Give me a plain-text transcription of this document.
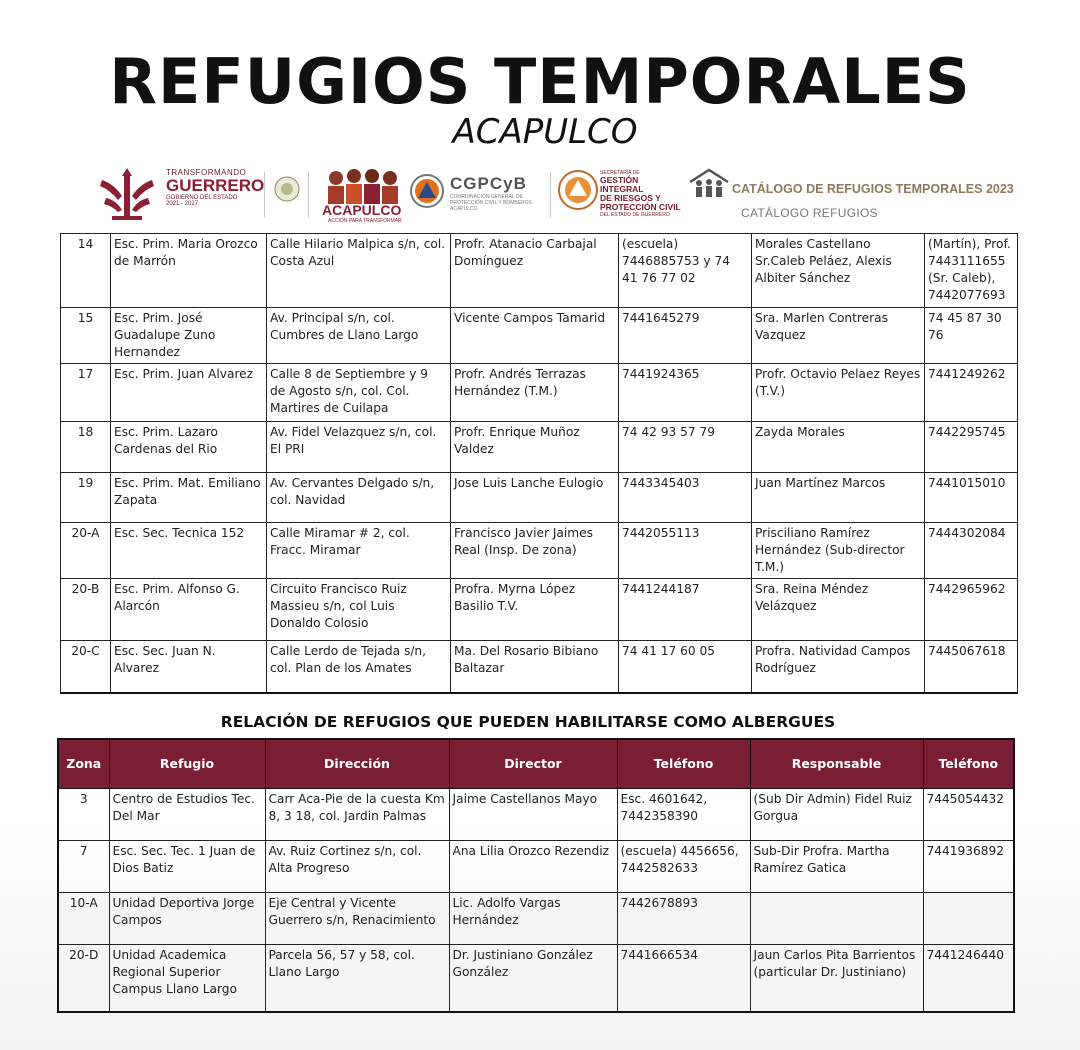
REFUGIOS TEMPORALES
ACAPULCO
TRANSFORMANDO
GUERRERO
GOBIERNO DEL ESTADO
2021 - 2027	ACAPULCO
ACCIÓN PARA TRANSFORMAR
CGPCyB
COORDINACIÓN GENERAL DE PROTECCIÓN CIVIL Y BOMBEROS ACAPULCO
SECRETARÍA DE
GESTIÓN INTEGRAL
DE RIESGOS Y
PROTECCIÓN CIVIL
DEL ESTADO DE GUERRERO
CATÁLOGO DE REFUGIOS TEMPORALES 2023
CATÁLOGO REFUGIOS
14	Esc. Prim. Maria Orozco de Marrón	Calle Hilario Malpica s/n, col. Costa Azul	Profr. Atanacio Carbajal Domínguez	(escuela) 7446885753 y 74 41 76 77 02	Morales Castellano Sr.Caleb Peláez, Alexis Albiter Sánchez	(Martín), Prof. 7443111655 (Sr. Caleb), 7442077693
15	Esc. Prim. José Guadalupe Zuno Hernandez	Av. Principal s/n, col. Cumbres de Llano Largo	Vicente Campos Tamarid	7441645279	Sra. Marlen Contreras Vazquez	74 45 87 30 76
17	Esc. Prim. Juan Alvarez	Calle 8 de Septiembre y 9 de Agosto s/n, col. Col. Martires de Cuilapa	Profr. Andrés Terrazas Hernández (T.M.)	7441924365	Profr. Octavio Pelaez Reyes (T.V.)	7441249262
18	Esc. Prim. Lazaro Cardenas del Rio	Av. Fidel Velazquez s/n, col. El PRI	Profr. Enrique Muñoz Valdez	74 42 93 57 79	Zayda Morales	7442295745
19	Esc. Prim. Mat. Emiliano Zapata	Av. Cervantes Delgado s/n, col. Navidad	Jose Luis Lanche Eulogio	7443345403	Juan Martínez Marcos	7441015010
20-A	Esc. Sec. Tecnica 152	Calle Miramar # 2, col. Fracc. Miramar	Francisco Javier Jaimes Real (Insp. De zona)	7442055113	Prisciliano Ramírez Hernández (Sub-director T.M.)	7444302084
20-B	Esc. Prim. Alfonso G. Alarcón	Circuito Francisco Ruiz Massieu s/n, col Luis Donaldo Colosio	Profra. Myrna López Basilio T.V.	7441244187	Sra. Reina Méndez Velázquez	7442965962
20-C	Esc. Sec. Juan N. Alvarez	Calle Lerdo de Tejada s/n, col. Plan de los Amates	Ma. Del Rosario Bibiano Baltazar	74 41 17 60 05	Profra. Natividad Campos Rodríguez	7445067618
RELACIÓN DE REFUGIOS QUE PUEDEN HABILITARSE COMO ALBERGUES
Zona	Refugio	Dirección	Director	Teléfono	Responsable	Teléfono
3	Centro de Estudios Tec. Del Mar	Carr Aca-Pie de la cuesta Km 8, 3 18, col. Jardin Palmas	Jaime Castellanos Mayo	Esc. 4601642, 7442358390	(Sub Dir Admin) Fidel Ruiz Gorgua	7445054432
7	Esc. Sec. Tec. 1 Juan de Dios Batiz	Av. Ruiz Cortinez s/n, col. Alta Progreso	Ana Lilia Orozco Rezendiz	(escuela) 4456656, 7442582633	Sub-Dir Profra. Martha Ramírez Gatica	7441936892
10-A	Unidad Deportiva Jorge Campos	Eje Central y Vicente Guerrero s/n, Renacimiento	Lic. Adolfo Vargas Hernández	7442678893		
20-D	Unidad Academica Regional Superior Campus Llano Largo	Parcela 56, 57 y 58, col. Llano Largo	Dr. Justiniano González González	7441666534	Jaun Carlos Pita Barrientos (particular Dr. Justiniano)	7441246440
